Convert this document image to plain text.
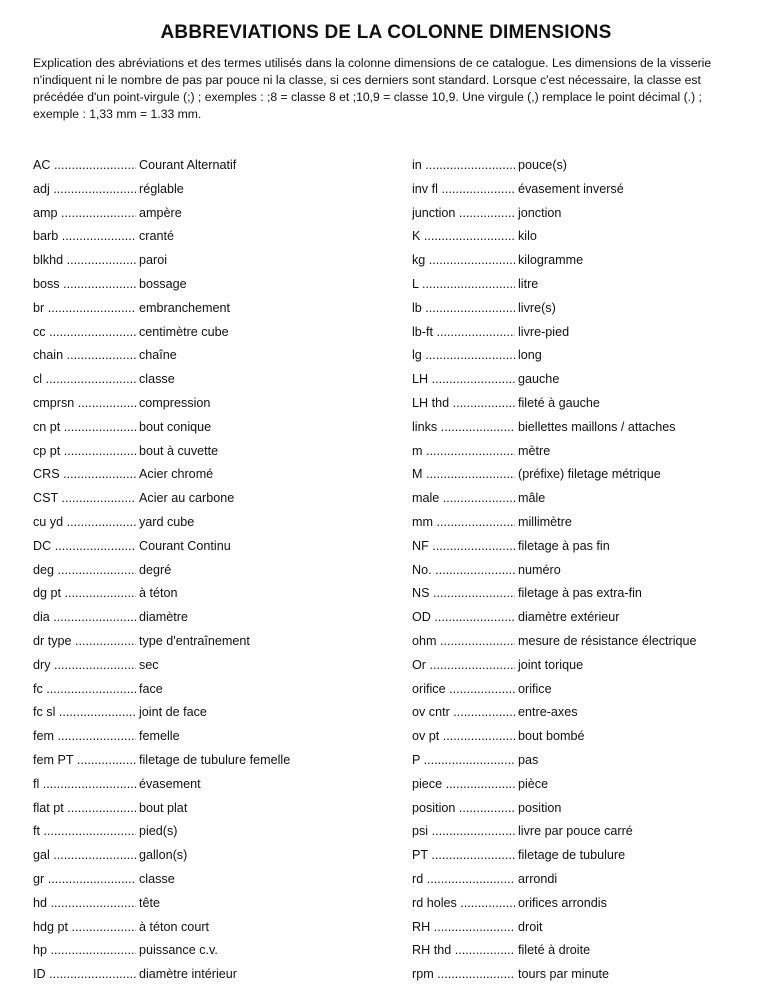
ABBREVIATIONS DE LA COLONNE DIMENSIONS

Explication des abréviations et des termes utilisés dans la colonne dimensions de ce catalogue. Les dimensions de la visserie n'indiquent ni le nombre de pas par pouce ni la classe, si ces derniers sont standard. Lorsque c'est nécessaire, la classe est précédée d'un point-virgule (;) ; exemples : ;8 = classe 8 et ;10,9 = classe 10,9. Une virgule (,) remplace le point décimal (.) ; exemple : 1,33 mm = 1.33 mm.

AC .....	Courant Alternatif
adj .....	réglable
amp .....	ampère
barb .....	cranté
blkhd .....	paroi
boss .....	bossage
br .....	embranchement
cc .....	centimètre cube
chain .....	chaîne
cl .....	classe
cmprsn .....	compression
cn pt .....	bout conique
cp pt .....	bout à cuvette
CRS .....	Acier chromé
CST .....	Acier au carbone
cu yd .....	yard cube
DC .....	Courant Continu
deg .....	degré
dg pt .....	à téton
dia .....	diamètre
dr type .....	type d'entraînement
dry .....	sec
fc .....	face
fc sl .....	joint de face
fem .....	femelle
fem PT .....	filetage de tubulure femelle
fl .....	évasement
flat pt .....	bout plat
ft .....	pied(s)
gal .....	gallon(s)
gr .....	classe
hd .....	tête
hdg pt .....	à téton court
hp .....	puissance c.v.
ID .....	diamètre intérieur
in .....	pouce(s)
inv fl .....	évasement inversé
junction .....	jonction
K .....	kilo
kg .....	kilogramme
L .....	litre
lb .....	livre(s)
lb-ft .....	livre-pied
lg .....	long
LH .....	gauche
LH thd .....	fileté à gauche
links .....	biellettes maillons / attaches
m .....	mètre
M .....	(préfixe) filetage métrique
male .....	mâle
mm .....	millimètre
NF .....	filetage à pas fin
No. .....	numéro
NS .....	filetage à pas extra-fin
OD .....	diamètre extérieur
ohm .....	mesure de résistance électrique
Or .....	joint torique
orifice .....	orifice
ov cntr .....	entre-axes
ov pt .....	bout bombé
P .....	pas
piece .....	pièce
position .....	position
psi .....	livre par pouce carré
PT .....	filetage de tubulure
rd .....	arrondi
rd holes .....	orifices arrondis
RH .....	droit
RH thd .....	fileté à droite
rpm .....	tours par minute
